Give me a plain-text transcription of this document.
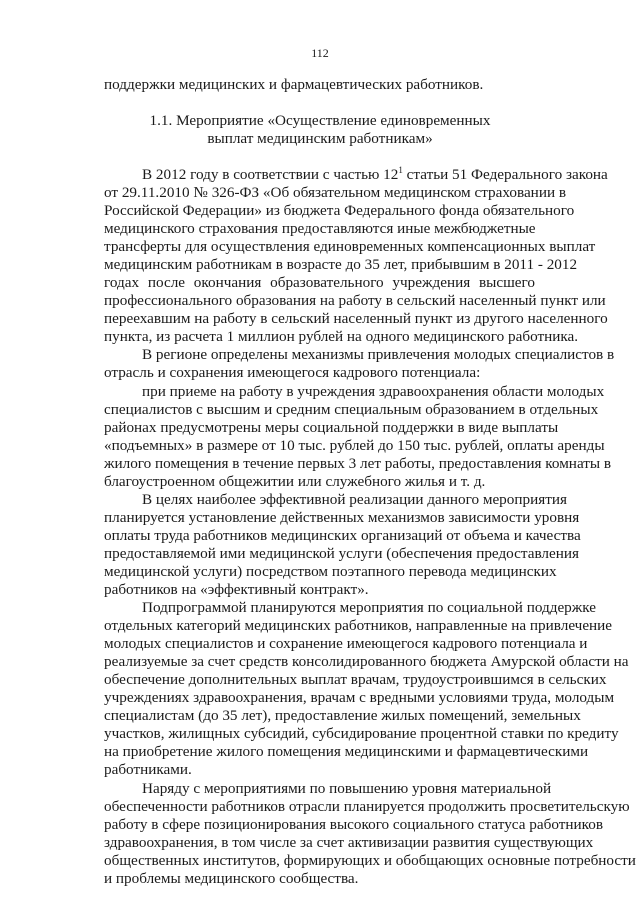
112
поддержки медицинских и фармацевтических работников.
1.1. Мероприятие «Осуществление единовременных
выплат медицинским работникам»
В 2012 году в соответствии с частью $12^1$ статьи 51 Федерального закона
от 29.11.2010 № 326-ФЗ «Об обязательном медицинском страховании в
Российской Федерации» из бюджета Федерального фонда обязательного
медицинского страхования предоставляются иные межбюджетные
трансферты для осуществления единовременных компенсационных выплат
медицинским работникам в возрасте до 35 лет, прибывшим в 2011 - 2012
годах после окончания образовательного учреждения высшего
профессионального образования на работу в сельский населенный пункт или
переехавшим на работу в сельский населенный пункт из другого населенного
пункта, из расчета 1 миллион рублей на одного медицинского работника.
В регионе определены механизмы привлечения молодых специалистов в
отрасль и сохранения имеющегося кадрового потенциала:
при приеме на работу в учреждения здравоохранения области молодых
специалистов с высшим и средним специальным образованием в отдельных
районах предусмотрены меры социальной поддержки в виде выплаты
«подъемных» в размере от 10 тыс. рублей до 150 тыс. рублей, оплаты аренды
жилого помещения в течение первых 3 лет работы, предоставления комнаты в
благоустроенном общежитии или служебного жилья и т. д.
В целях наиболее эффективной реализации данного мероприятия
планируется установление действенных механизмов зависимости уровня
оплаты труда работников медицинских организаций от объема и качества
предоставляемой ими медицинской услуги (обеспечения предоставления
медицинской услуги) посредством поэтапного перевода медицинских
работников на «эффективный контракт».
Подпрограммой планируются мероприятия по социальной поддержке
отдельных категорий медицинских работников, направленные на привлечение
молодых специалистов и сохранение имеющегося кадрового потенциала и
реализуемые за счет средств консолидированного бюджета Амурской области на
обеспечение дополнительных выплат врачам, трудоустроившимся в сельских
учреждениях здравоохранения, врачам с вредными условиями труда, молодым
специалистам (до 35 лет), предоставление жилых помещений, земельных
участков, жилищных субсидий, субсидирование процентной ставки по кредиту
на приобретение жилого помещения медицинскими и фармацевтическими
работниками.
Наряду с мероприятиями по повышению уровня материальной
обеспеченности работников отрасли планируется продолжить просветительскую
работу в сфере позиционирования высокого социального статуса работников
здравоохранения, в том числе за счет активизации развития существующих
общественных институтов, формирующих и обобщающих основные потребности
и проблемы медицинского сообщества.
